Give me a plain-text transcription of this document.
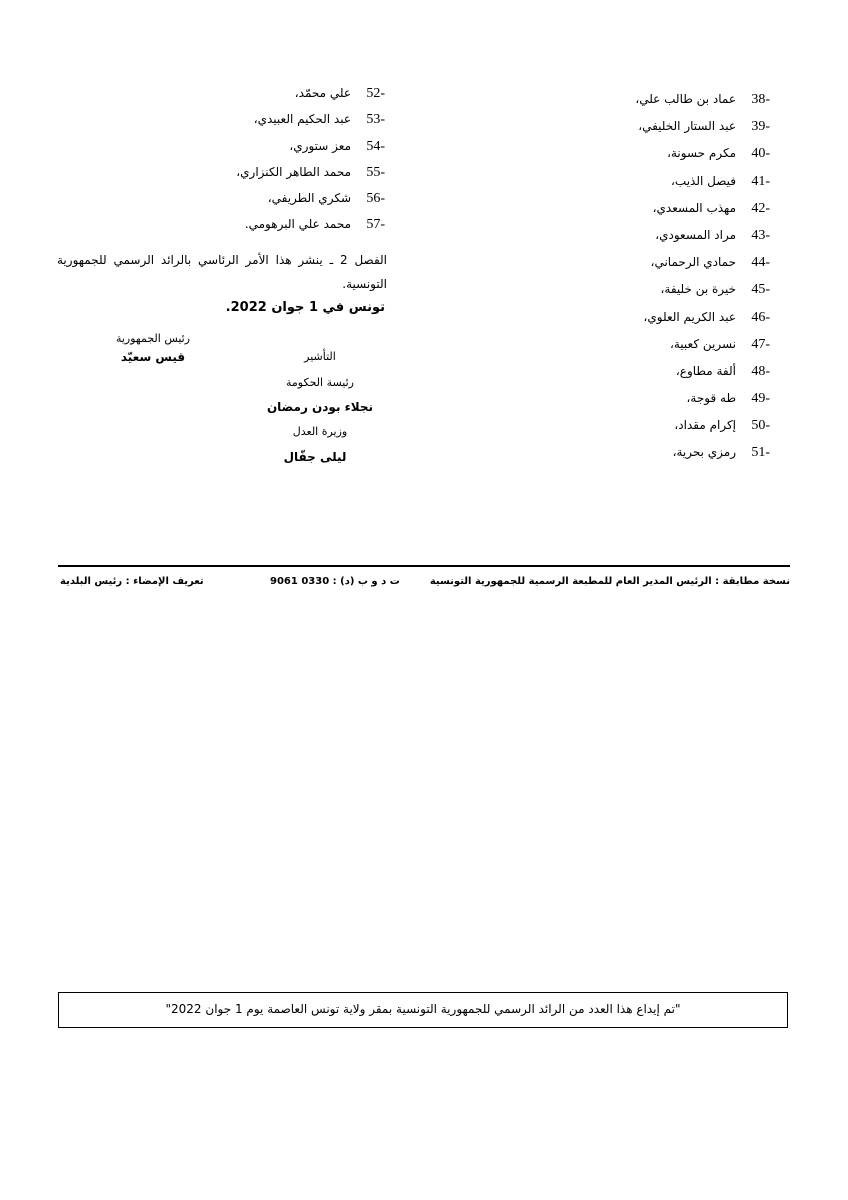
-38عماد بن طالب علي،
-39عبد الستار الخليفي،
-40مكرم حسونة،
-41فيصل الذيب،
-42مهذب المسعدي،
-43مراد المسعودي،
-44حمادي الرحماني،
-45خيرة بن خليفة،
-46عبد الكريم العلوي،
-47نسرين كعبية،
-48ألفة مطاوع،
-49طه قوجة،
-50إكرام مقداد،
-51رمزي بحرية،
-52علي محمّد،
-53عبد الحكيم العبيدي،
-54معز ستوري،
-55محمد الطاهر الكنزاري،
-56شكري الطريفي،
-57محمد علي البرهومي.
الفصل 2 ـ ينشر هذا الأمر الرئاسي بالرائد الرسمي للجمهورية التونسية.
تونس في 1 جوان 2022.
رئيس الجمهورية
قيس سعيّد	التأشير
رئيسة الحكومة
نجلاء بودن رمضان
وزيرة العدل
ليلى جفّال
نسخة مطابقة : الرئيس المدير العام للمطبعة الرسمية للجمهورية التونسية
ت د و ب (د) : 0330 9061
تعريف الإمضاء : رئيس البلدية
"تم إيداع هذا العدد من الرائد الرسمي للجمهورية التونسية بمقر ولاية تونس العاصمة يوم 1 جوان 2022"
